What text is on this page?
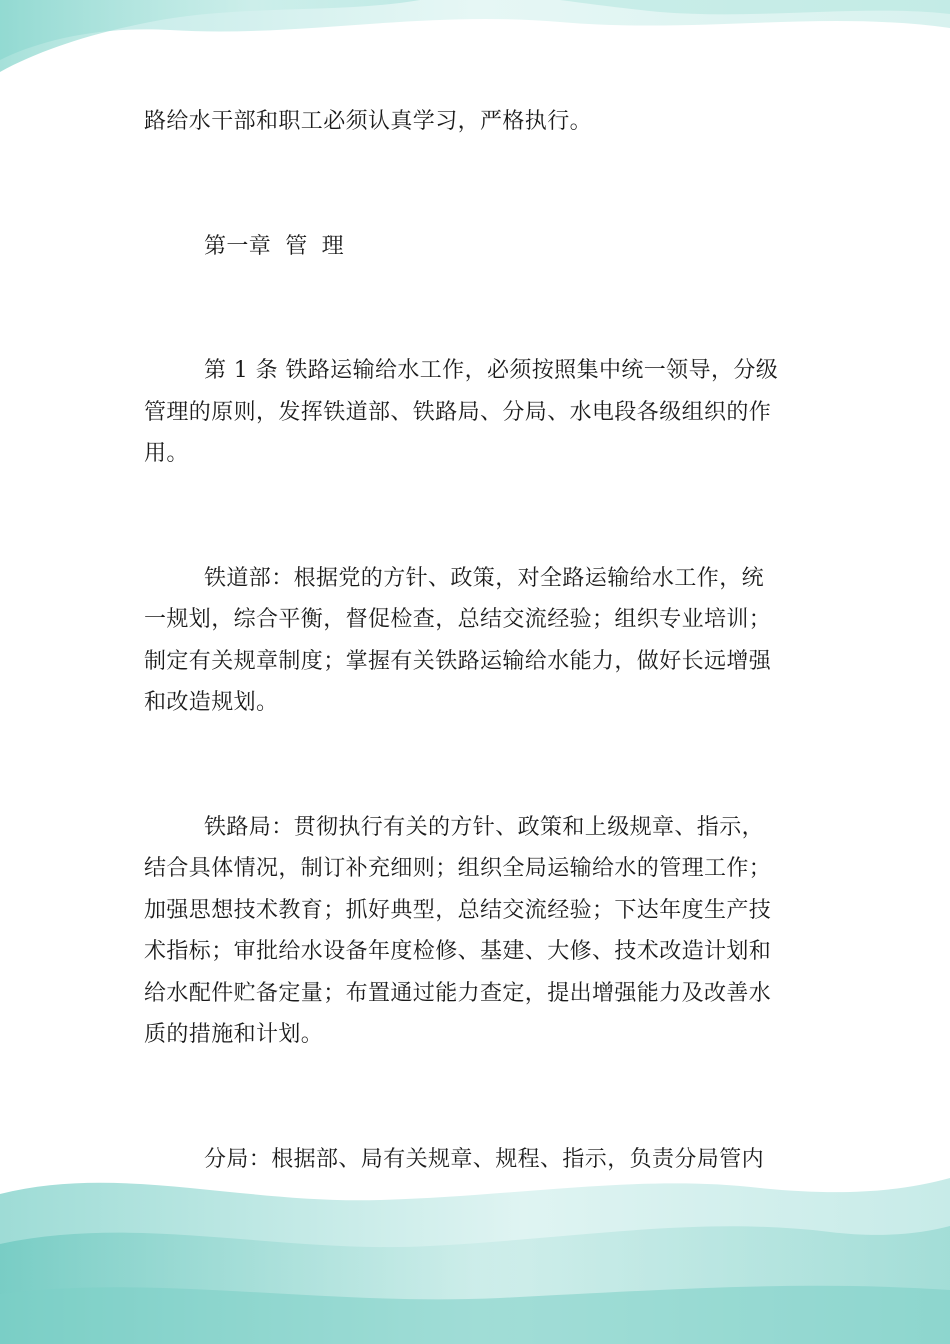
路给水干部和职工必须认真学习，严格执行。
第一章 管 理
第 1 条 铁路运输给水工作，必须按照集中统一领导，分级
管理的原则，发挥铁道部、铁路局、分局、水电段各级组织的作
用。
铁道部：根据党的方针、政策，对全路运输给水工作，统
一规划，综合平衡，督促检查，总结交流经验；组织专业培训；
制定有关规章制度；掌握有关铁路运输给水能力，做好长远增强
和改造规划。
铁路局：贯彻执行有关的方针、政策和上级规章、指示，
结合具体情况，制订补充细则；组织全局运输给水的管理工作；
加强思想技术教育；抓好典型，总结交流经验；下达年度生产技
术指标；审批给水设备年度检修、基建、大修、技术改造计划和
给水配件贮备定量；布置通过能力查定，提出增强能力及改善水
质的措施和计划。
分局：根据部、局有关规章、规程、指示，负责分局管内
